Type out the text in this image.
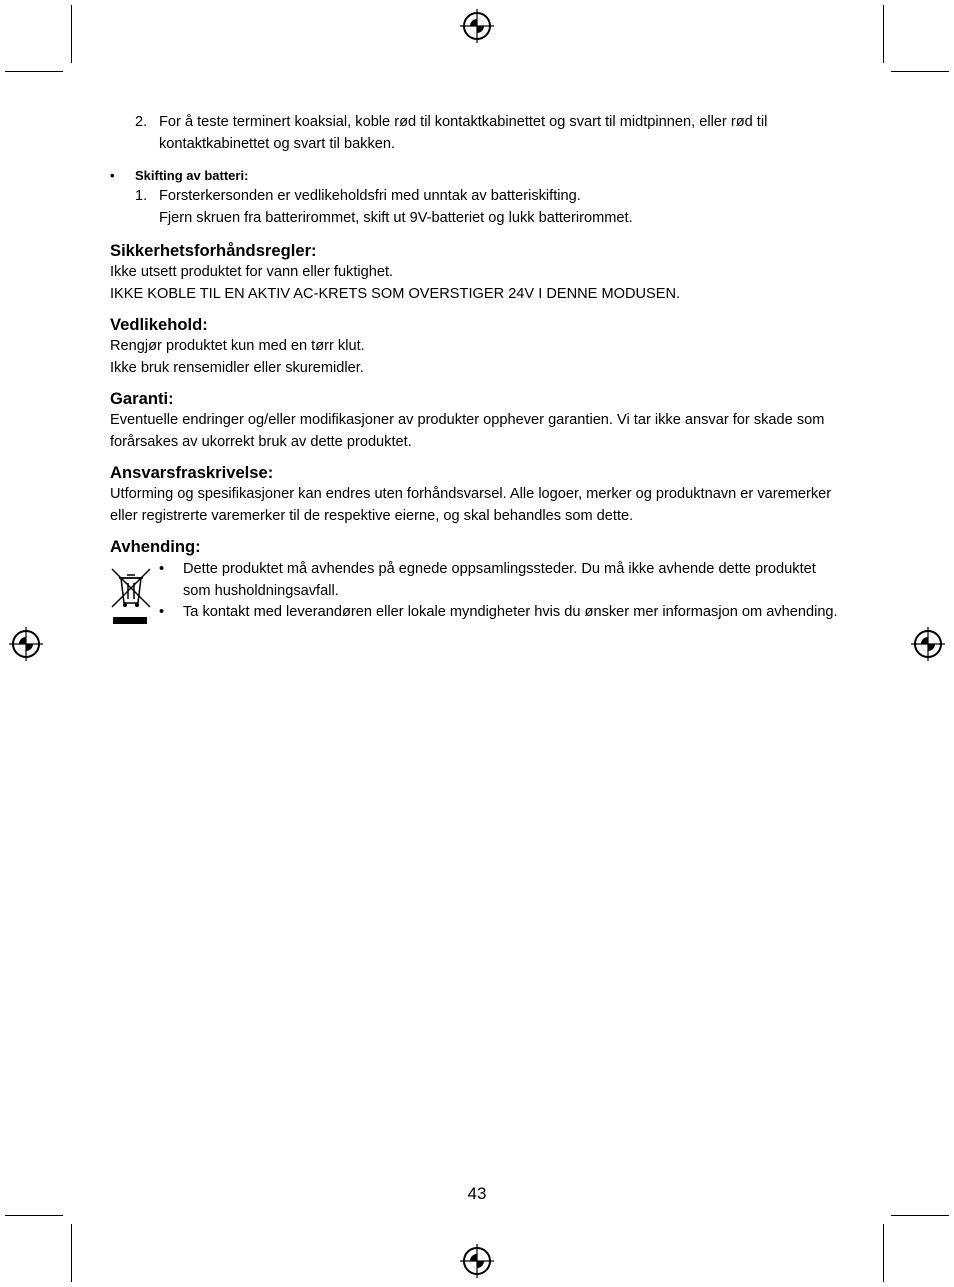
2. For å teste terminert koaksial, koble rød til kontaktkabinettet og svart til midtpinnen, eller rød til kontaktkabinettet og svart til bakken.
• Skifting av batteri:
1. Forsterkersonden er vedlikeholdsfri med unntak av batteriskifting.
Fjern skruen fra batterirommet, skift ut 9V-batteriet og lukk batterirommet.
Sikkerhetsforhåndsregler:
Ikke utsett produktet for vann eller fuktighet.
IKKE KOBLE TIL EN AKTIV AC-KRETS SOM OVERSTIGER 24V I DENNE MODUSEN.
Vedlikehold:
Rengjør produktet kun med en tørr klut.
Ikke bruk rensemidler eller skuremidler.
Garanti:
Eventuelle endringer og/eller modifikasjoner av produkter opphever garantien. Vi tar ikke ansvar for skade som forårsakes av ukorrekt bruk av dette produktet.
Ansvarsfraskrivelse:
Utforming og spesifikasjoner kan endres uten forhåndsvarsel. Alle logoer, merker og produktnavn er varemerker eller registrerte varemerker til de respektive eierne, og skal behandles som dette.
Avhending:
• Dette produktet må avhendes på egnede oppsamlingssteder. Du må ikke avhende dette produktet som husholdningsavfall.
• Ta kontakt med leverandøren eller lokale myndigheter hvis du ønsker mer informasjon om avhending.
43
